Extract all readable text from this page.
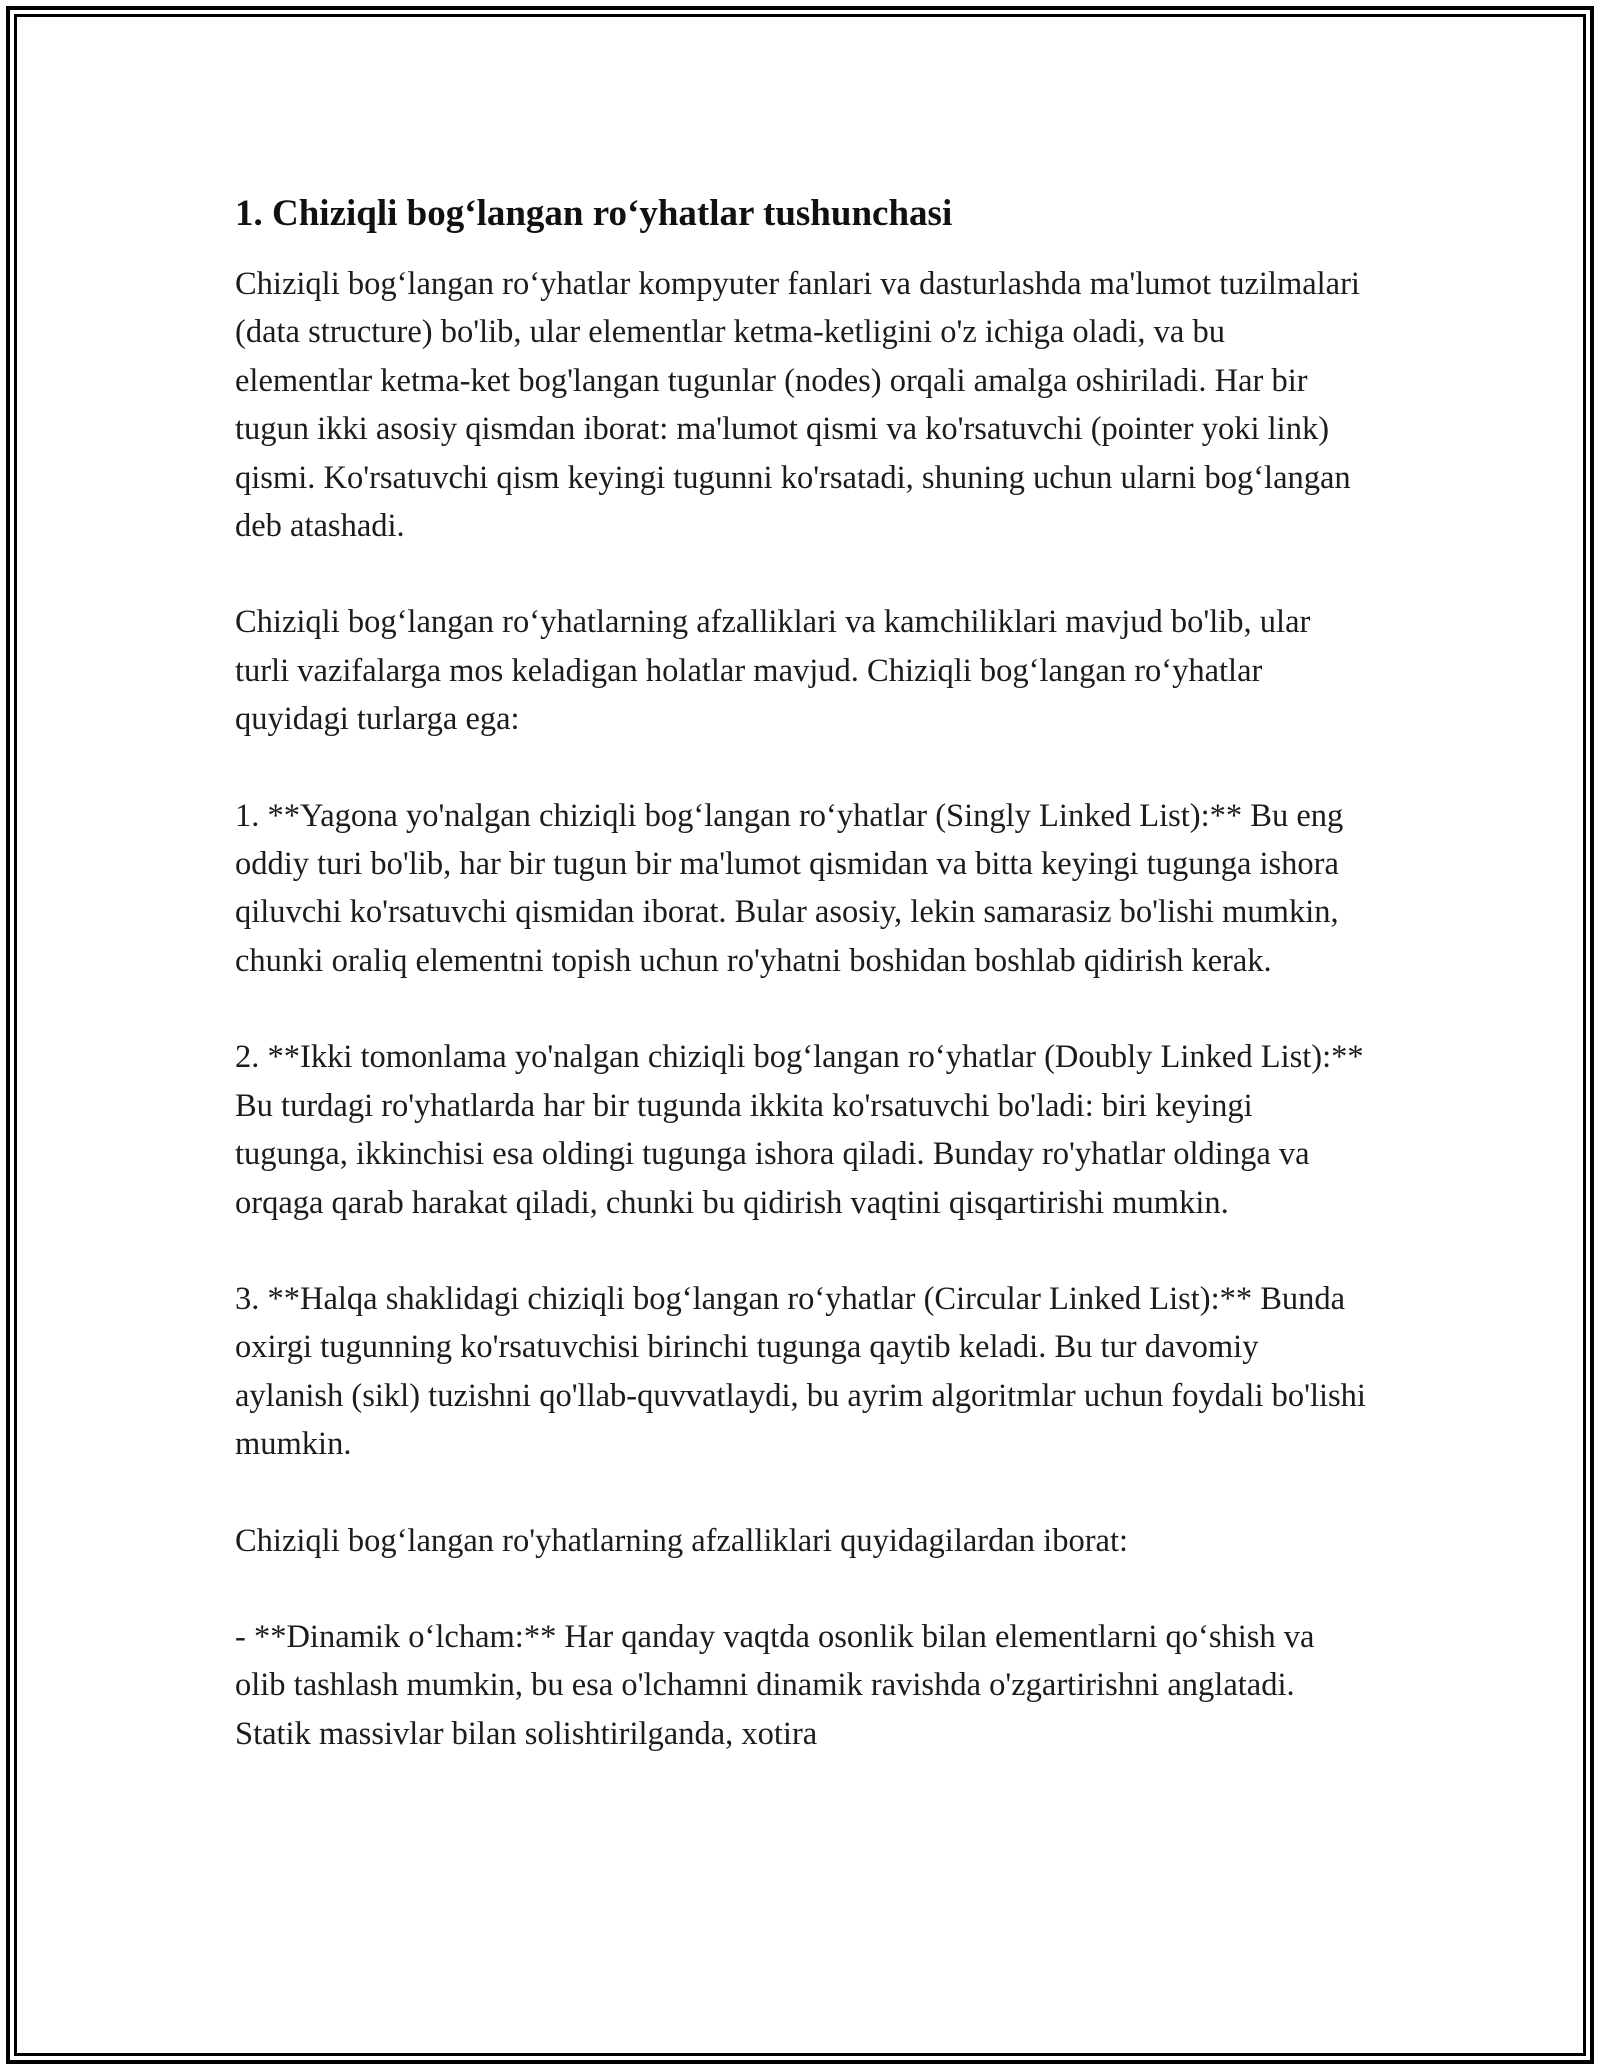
1. Chiziqli bog‘langan ro‘yhatlar tushunchasi

Chiziqli bog‘langan ro‘yhatlar kompyuter fanlari va dasturlashda ma'lumot tuzilmalari (data structure) bo'lib, ular elementlar ketma-ketligini o'z ichiga oladi, va bu elementlar ketma-ket bog'langan tugunlar (nodes) orqali amalga oshiriladi. Har bir tugun ikki asosiy qismdan iborat: ma'lumot qismi va ko'rsatuvchi (pointer yoki link) qismi. Ko'rsatuvchi qism keyingi tugunni ko'rsatadi, shuning uchun ularni bog‘langan deb atashadi.

Chiziqli bog‘langan ro‘yhatlarning afzalliklari va kamchiliklari mavjud bo'lib, ular turli vazifalarga mos keladigan holatlar mavjud. Chiziqli bog‘langan ro‘yhatlar quyidagi turlarga ega:

1. **Yagona yo'nalgan chiziqli bog‘langan ro‘yhatlar (Singly Linked List):** Bu eng oddiy turi bo'lib, har bir tugun bir ma'lumot qismidan va bitta keyingi tugunga ishora qiluvchi ko'rsatuvchi qismidan iborat. Bular asosiy, lekin samarasiz bo'lishi mumkin, chunki oraliq elementni topish uchun ro'yhatni boshidan boshlab qidirish kerak.

2. **Ikki tomonlama yo'nalgan chiziqli bog‘langan ro‘yhatlar (Doubly Linked List):** Bu turdagi ro'yhatlarda har bir tugunda ikkita ko'rsatuvchi bo'ladi: biri keyingi tugunga, ikkinchisi esa oldingi tugunga ishora qiladi. Bunday ro'yhatlar oldinga va orqaga qarab harakat qiladi, chunki bu qidirish vaqtini qisqartirishi mumkin.

3. **Halqa shaklidagi chiziqli bog‘langan ro‘yhatlar (Circular Linked List):** Bunda oxirgi tugunning ko'rsatuvchisi birinchi tugunga qaytib keladi. Bu tur davomiy aylanish (sikl) tuzishni qo'llab-quvvatlaydi, bu ayrim algoritmlar uchun foydali bo'lishi mumkin.

Chiziqli bog‘langan ro'yhatlarning afzalliklari quyidagilardan iborat:

- **Dinamik o‘lcham:** Har qanday vaqtda osonlik bilan elementlarni qo‘shish va olib tashlash mumkin, bu esa o'lchamni dinamik ravishda o'zgartirishni anglatadi. Statik massivlar bilan solishtirilganda, xotira
